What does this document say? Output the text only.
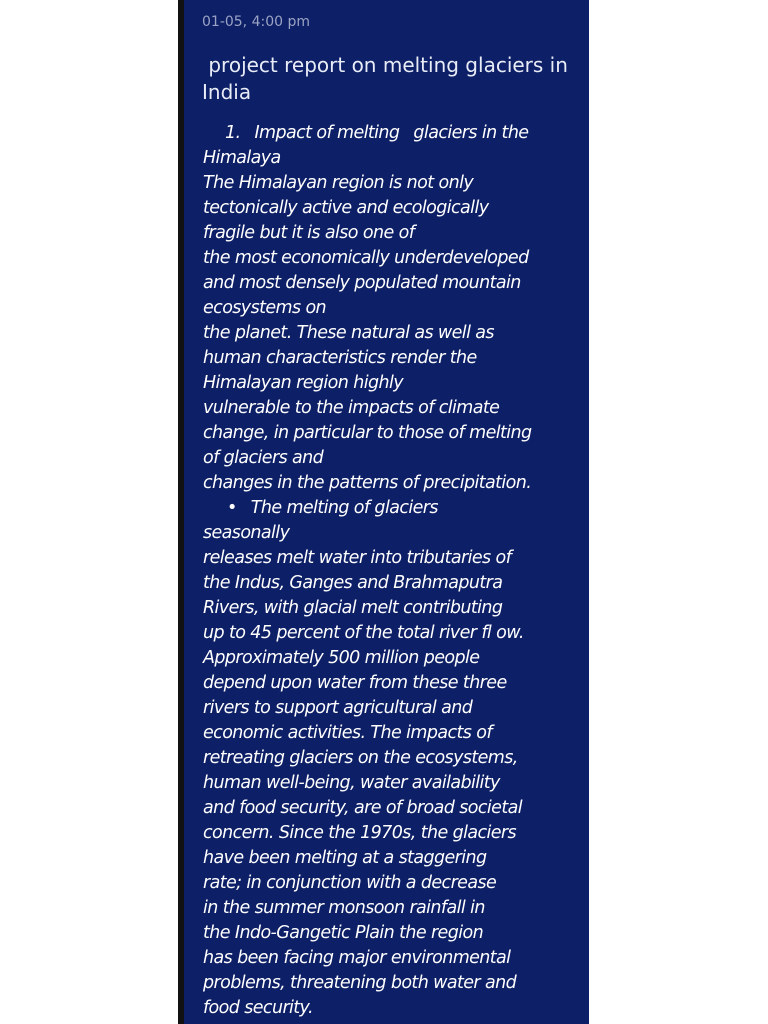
01-05, 4:00 pm
project report on melting glaciers in
India
1. Impact of melting glaciers in the
Himalaya
The Himalayan region is not only
tectonically active and ecologically
fragile but it is also one of
the most economically underdeveloped
and most densely populated mountain
ecosystems on
the planet. These natural as well as
human characteristics render the
Himalayan region highly
vulnerable to the impacts of climate
change, in particular to those of melting
of glaciers and
changes in the patterns of precipitation.
• The melting of glaciers
seasonally
releases melt water into tributaries of
the Indus, Ganges and Brahmaputra
Rivers, with glacial melt contributing
up to 45 percent of the total river fl ow.
Approximately 500 million people
depend upon water from these three
rivers to support agricultural and
economic activities. The impacts of
retreating glaciers on the ecosystems,
human well-being, water availability
and food security, are of broad societal
concern. Since the 1970s, the glaciers
have been melting at a staggering
rate; in conjunction with a decrease
in the summer monsoon rainfall in
the Indo-Gangetic Plain the region
has been facing major environmental
problems, threatening both water and
food security.
